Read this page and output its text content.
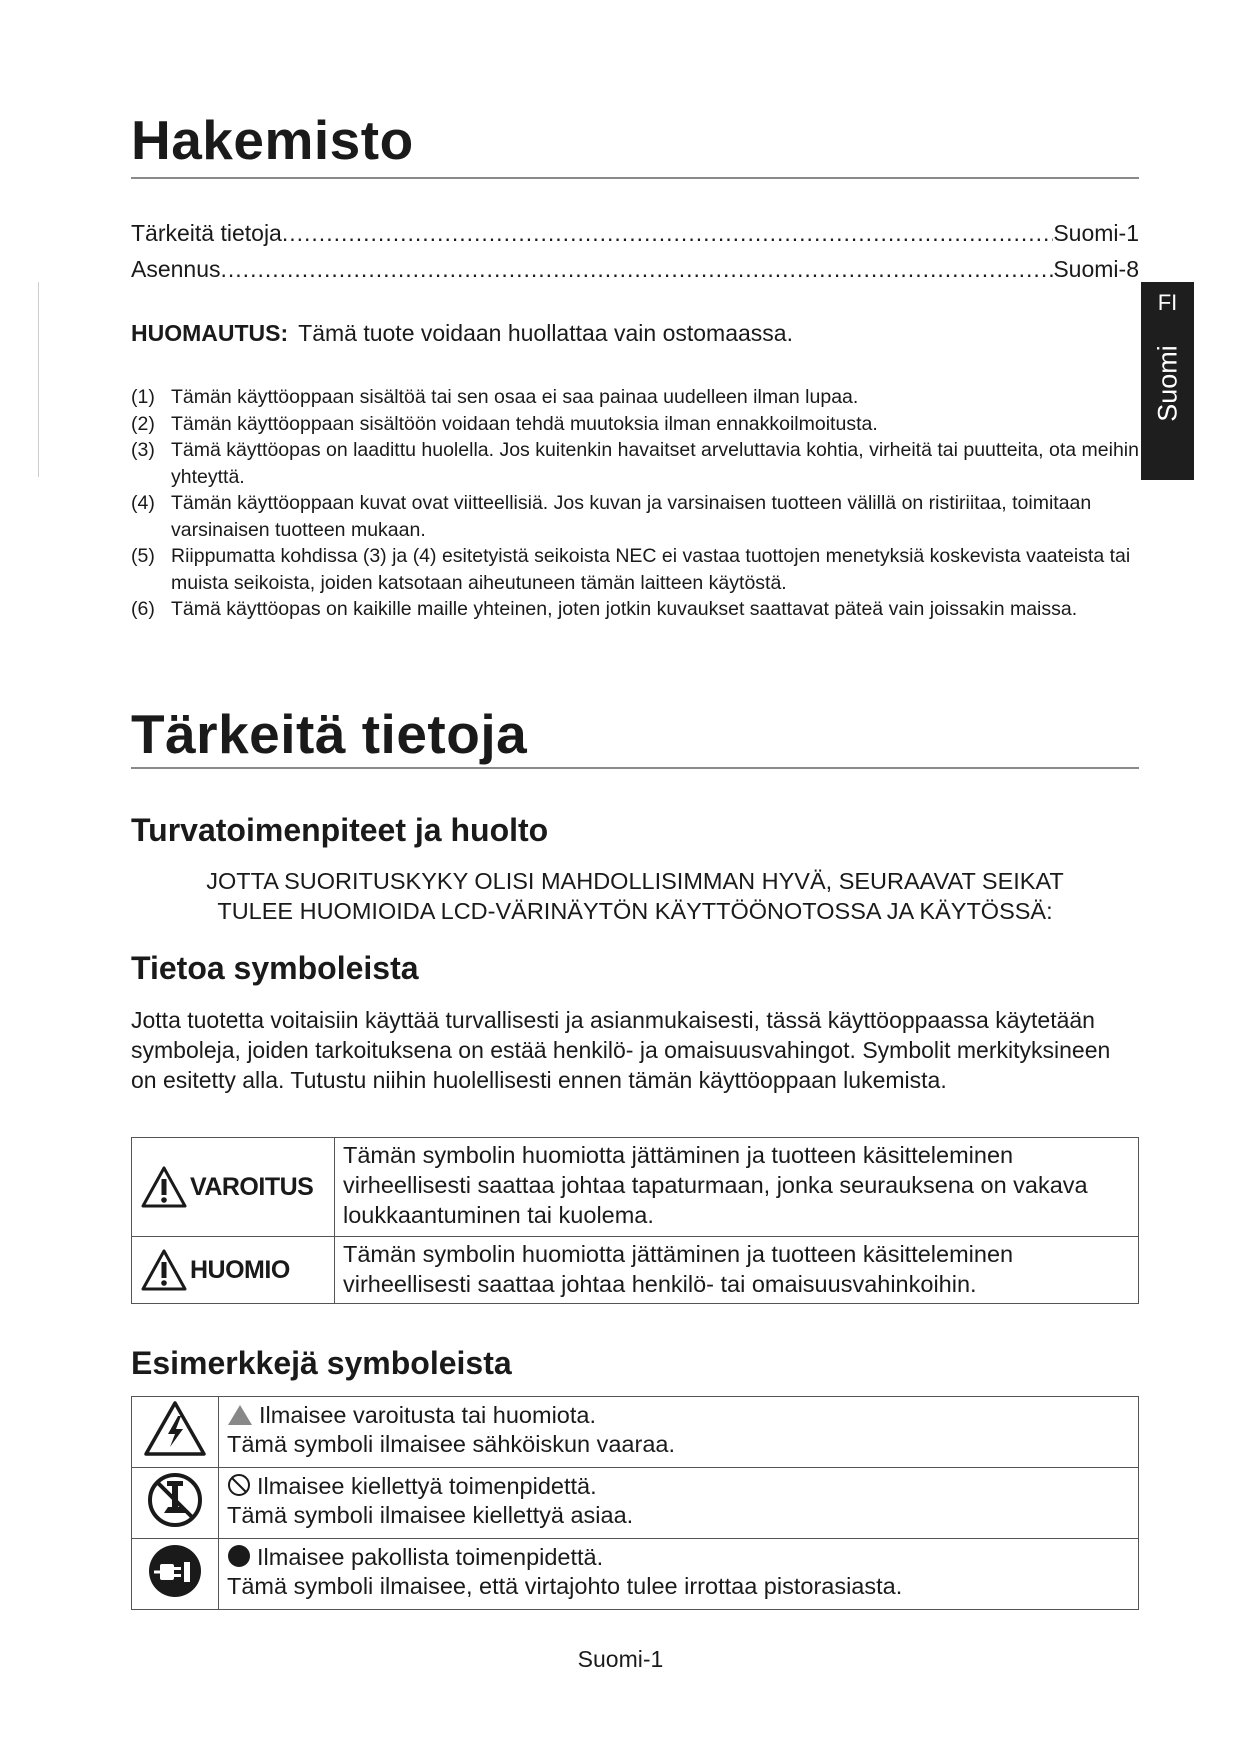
Hakemisto
Tärkeitä tietoja .....	Suomi-1
Asennus .....	Suomi-8
HUOMAUTUS: Tämä tuote voidaan huollattaa vain ostomaassa.
(1) Tämän käyttöoppaan sisältöä tai sen osaa ei saa painaa uudelleen ilman lupaa.
(2) Tämän käyttöoppaan sisältöön voidaan tehdä muutoksia ilman ennakkoilmoitusta.
(3) Tämä käyttöopas on laadittu huolella. Jos kuitenkin havaitset arveluttavia kohtia, virheitä tai puutteita, ota meihin yhteyttä.
(4) Tämän käyttöoppaan kuvat ovat viitteellisiä. Jos kuvan ja varsinaisen tuotteen välillä on ristiriitaa, toimitaan varsinaisen tuotteen mukaan.
(5) Riippumatta kohdissa (3) ja (4) esitetyistä seikoista NEC ei vastaa tuottojen menetyksiä koskevista vaateista tai muista seikoista, joiden katsotaan aiheutuneen tämän laitteen käytöstä.
(6) Tämä käyttöopas on kaikille maille yhteinen, joten jotkin kuvaukset saattavat päteä vain joissakin maissa.
Tärkeitä tietoja
Turvatoimenpiteet ja huolto
JOTTA SUORITUSKYKY OLISI MAHDOLLISIMMAN HYVÄ, SEURAAVAT SEIKAT
TULEE HUOMIOIDA LCD-VÄRINÄYTÖN KÄYTTÖÖNOTOSSA JA KÄYTÖSSÄ:
Tietoa symboleista
Jotta tuotetta voitaisiin käyttää turvallisesti ja asianmukaisesti, tässä käyttöoppaassa käytetään symboleja, joiden tarkoituksena on estää henkilö- ja omaisuusvahingot. Symbolit merkityksineen on esitetty alla. Tutustu niihin huolellisesti ennen tämän käyttöoppaan lukemista.
VAROITUS	Tämän symbolin huomiotta jättäminen ja tuotteen käsitteleminen virheellisesti saattaa johtaa tapaturmaan, jonka seurauksena on vakava loukkaantuminen tai kuolema.

HUOMIO	Tämän symbolin huomiotta jättäminen ja tuotteen käsitteleminen virheellisesti saattaa johtaa henkilö- tai omaisuusvahinkoihin.
Esimerkkejä symboleista

Ilmaisee varoitusta tai huomiota.
Tämä symboli ilmaisee sähköiskun vaaraa.

Ilmaisee kiellettyä toimenpidettä.
Tämä symboli ilmaisee kiellettyä asiaa.

Ilmaisee pakollista toimenpidettä.
Tämä symboli ilmaisee, että virtajohto tulee irrottaa pistorasiasta.
FI
Suomi
Suomi-1
